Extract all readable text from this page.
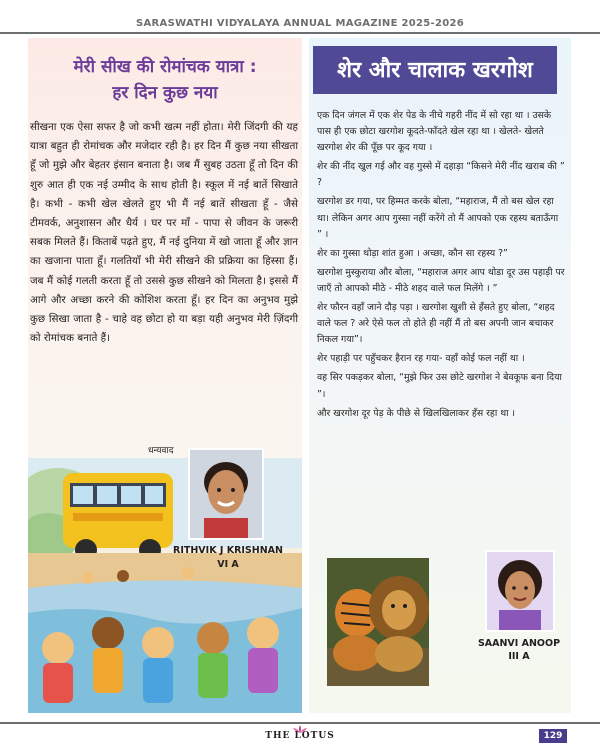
SARASWATHI VIDYALAYA ANNUAL MAGAZINE 2025-2026
मेरी सीख की रोमांचक यात्रा :
हर दिन कुछ नया
सीखना एक ऐसा सफर है जो कभी खत्म नहीं होता। मेरी जिंदगी की यह यात्रा बहुत ही रोमांचक और मजेदार रही है। हर दिन मैं कुछ नया सीखता हूँ जो मुझे और बेहतर इंसान बनाता है। जब मैं सुबह उठता हूँ तो दिन की शुरु आत ही एक नई उम्मीद के साथ होती है। स्कूल में नई बातें सिखाते है। कभी - कभी खेल खेलते हुए भी मैं नई बातें सीखता हूँ - जैसे टीमवर्क, अनुशासन और धैर्य । घर पर माँ - पापा से जीवन के जरूरी सबक मिलते हैं। किताबें पढ़ते हुए, मैं नई दुनिया में खो जाता हूँ और ज्ञान का खजाना पाता हूँ। गलतियाँ भी मेरी सीखने की प्रक्रिया का हिस्सा हैं। जब मैं कोई गलती करता हूँ तो उससे कुछ सीखने को मिलता है। इससे मैं आगे और अच्छा करने की कोशिश करता हूँ। हर दिन का अनुभव मुझे कुछ सिखा जाता है - चाहे वह छोटा हो या बड़ा यही अनुभव मेरी ज़िंदगी को रोमांचक बनाते हैं।
धन्यवाद
RITHVIK J KRISHNAN
VI A
शेर और चालाक खरगोश

एक दिन जंगल में एक शेर पेड के नीचे गहरी नींद में सो रहा था । उसके पास ही एक छोटा खरगोश कूदते-फाँदते खेल रहा था । खेलते- खेलते खरगोश शेर की पूँछ पर कूद गया ।

शेर की नींद खुल गई और वह गुस्से में दहाड़ा “किसने मेरी नींद खराब की ” ?

खरगोश डर गया, पर हिम्मत करके बोला, “महाराज, मैं तो बस खेल रहा था। लेकिन अगर आप गुस्सा नहीं करेंगे तो मैं आपको एक रहस्य बताऊँगा ” ।

शेर का गुस्सा थोड़ा शांत हुआ । अच्छा, कौन सा रहस्य ?”

खरगोश मुस्कुराया और बोला, “महाराज अगर आप थोडा दूर उस पहाड़ी पर जाएँ तो आपको मीठे - मीठे शहद वाले फल मिलेंगे । ”

शेर फौरन वहाँ जाने दौड़ पड़ा । खरगोश खुशी से हँसते हुए बोला, “शहद वाले फल ? अरे ऐसे फल तो होते ही नहीं मैं तो बस अपनी जान बचाकर निकल गया”।

शेर पहाड़ी पर पहुँचकर हैरान रह गया- वहाँ कोई फल नहीं था ।

वह सिर पकड़कर बोला, “मुझे फिर उस छोटे खरगोश ने बेवकूफ बना दिया ”।

और खरगोश दूर पेड़ के पीछे से खिलखिलाकर हँस रहा था ।

SAANVI ANOOP
III A
THE LOTUS	129
